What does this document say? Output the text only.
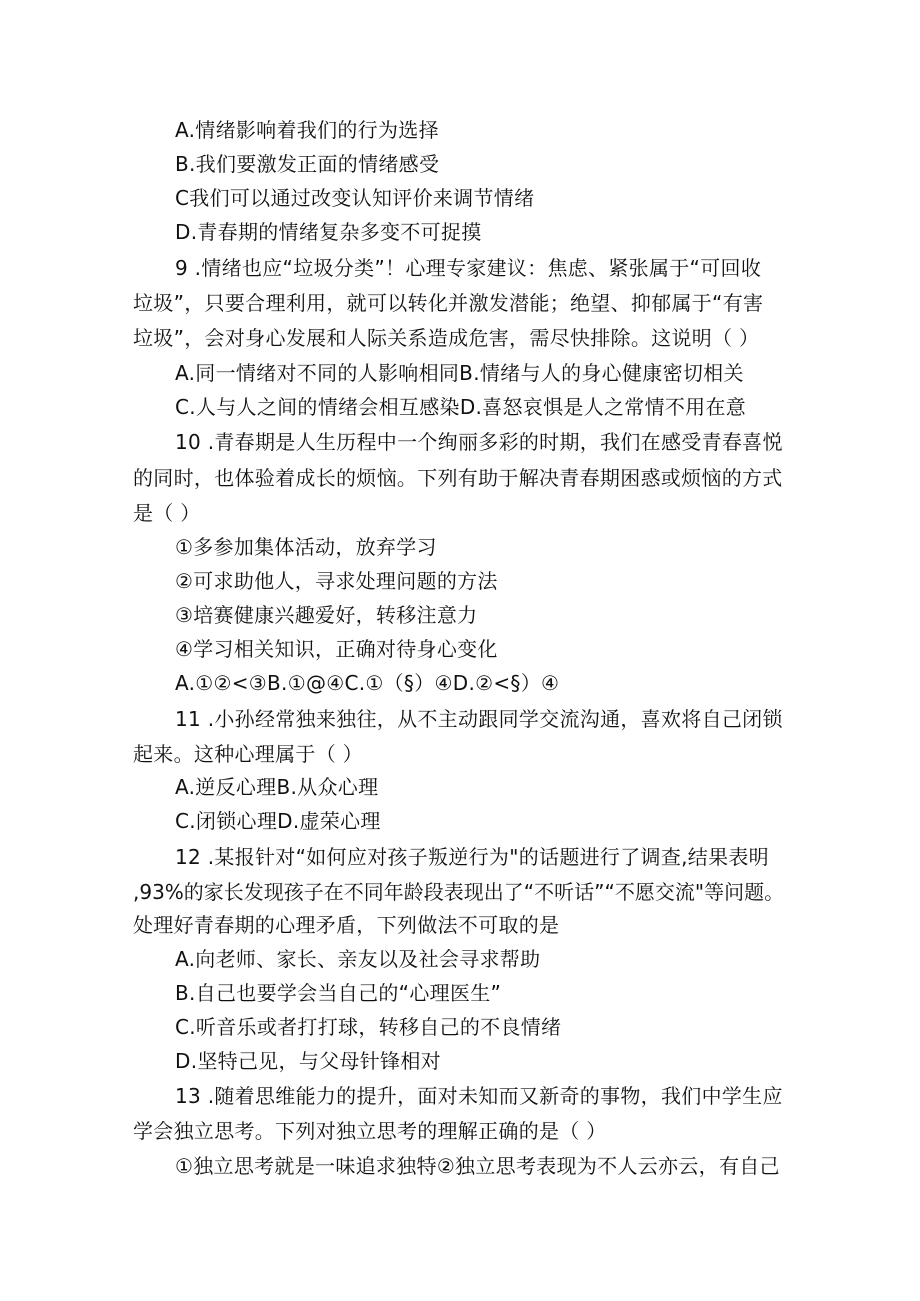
A.情绪影响着我们的行为选择
B.我们要激发正面的情绪感受
C我们可以通过改变认知评价来调节情绪
D.青春期的情绪复杂多变不可捉摸
9 .情绪也应“垃圾分类”！心理专家建议：焦虑、紧张属于“可回收
垃圾”，只要合理利用，就可以转化并激发潜能；绝望、抑郁属于“有害
垃圾”，会对身心发展和人际关系造成危害，需尽快排除。这说明（ ）
A.同一情绪对不同的人影响相同B.情绪与人的身心健康密切相关
C.人与人之间的情绪会相互感染D.喜怒哀惧是人之常情不用在意
10 .青春期是人生历程中一个绚丽多彩的时期，我们在感受青春喜悦
的同时，也体验着成长的烦恼。下列有助于解决青春期困惑或烦恼的方式
是（ ）
①多参加集体活动，放弃学习
②可求助他人，寻求处理问题的方法
③培赛健康兴趣爱好，转移注意力
④学习相关知识，正确对待身心变化
A.①②<③B.①@④C.①（§）④D.②<§）④
11 .小孙经常独来独往，从不主动跟同学交流沟通，喜欢将自己闭锁
起来。这种心理属于（ ）
A.逆反心理B.从众心理
C.闭锁心理D.虚荣心理
12 .某报针对“如何应对孩子叛逆行为"的话题进行了调查,结果表明
,93%的家长发现孩子在不同年龄段表现出了“不听话”“不愿交流"等问题。
处理好青春期的心理矛盾，下列做法不可取的是
A.向老师、家长、亲友以及社会寻求帮助
B.自己也要学会当自己的“心理医生”
C.听音乐或者打打球，转移自己的不良情绪
D.坚特己见，与父母针锋相对
13 .随着思维能力的提升，面对未知而又新奇的事物，我们中学生应
学会独立思考。下列对独立思考的理解正确的是（ ）
①独立思考就是一味追求独特②独立思考表现为不人云亦云，有自己
